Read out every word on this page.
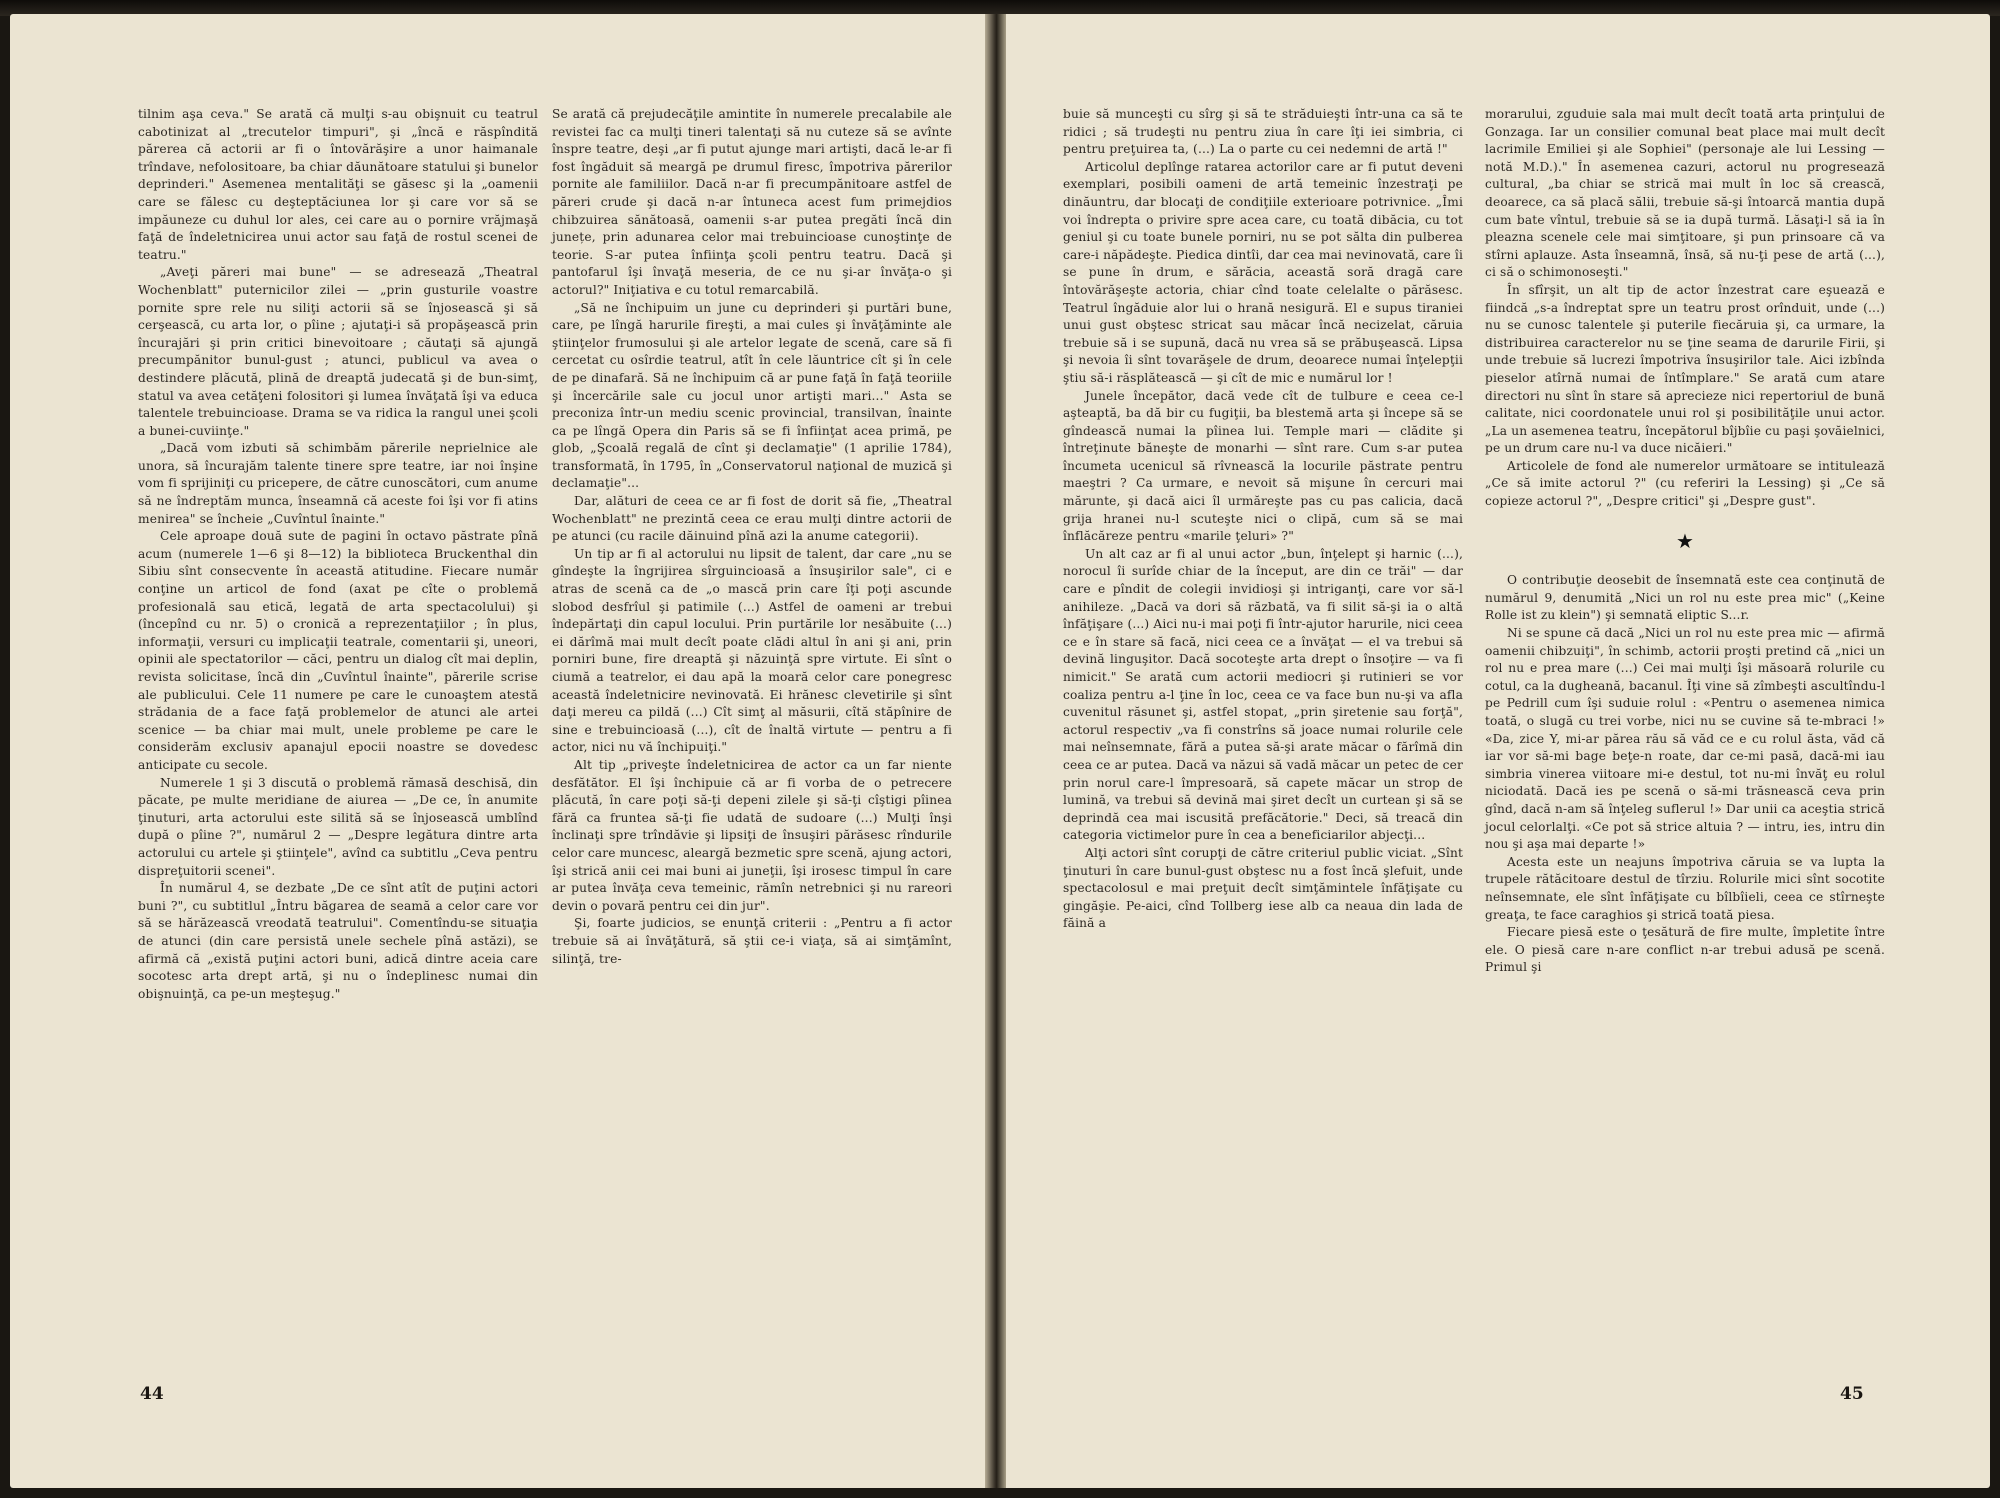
tilnim aşa ceva." Se arată că mulţi s-au obişnuit cu teatrul cabotinizat al „trecutelor timpuri", şi „încă e răspîndită părerea că actorii ar fi o întovărăşire a unor haimanale trîndave, nefolositoare, ba chiar dăunătoare statului şi bunelor deprinderi." Asemenea mentalităţi se găsesc şi la „oamenii care se fălesc cu deşteptăciunea lor şi care vor să se impăuneze cu duhul lor ales, cei care au o pornire vrăjmaşă faţă de îndeletnicirea unui actor sau faţă de rostul scenei de teatru."

„Aveţi păreri mai bune" — se adresează „Theatral Wochenblatt" puternicilor zilei — „prin gusturile voastre pornite spre rele nu siliţi actorii să se înjosească şi să cerşească, cu arta lor, o pîine ; ajutaţi-i să propăşească prin încurajări şi prin critici binevoitoare ; căutaţi să ajungă precumpănitor bunul-gust ; atunci, publicul va avea o destindere plăcută, plină de dreaptă judecată şi de bun-simţ, statul va avea cetăţeni folositori şi lumea învăţată îşi va educa talentele trebuincioase. Drama se va ridica la rangul unei şcoli a bunei-cuviinţe."

„Dacă vom izbuti să schimbăm părerile neprielnice ale unora, să încurajăm talente tinere spre teatre, iar noi înşine vom fi sprijiniţi cu pricepere, de către cunoscători, cum anume să ne îndreptăm munca, înseamnă că aceste foi îşi vor fi atins menirea" se încheie „Cuvîntul înainte."

Cele aproape două sute de pagini în octavo păstrate pînă acum (numerele 1—6 şi 8—12) la biblioteca Bruckenthal din Sibiu sînt consecvente în această atitudine. Fiecare număr conţine un articol de fond (axat pe cîte o problemă profesională sau etică, legată de arta spectacolului) şi (începînd cu nr. 5) o cronică a reprezentaţiilor ; în plus, informaţii, versuri cu implicaţii teatrale, comentarii şi, uneori, opinii ale spectatorilor — căci, pentru un dialog cît mai deplin, revista solicitase, încă din „Cuvîntul înainte", părerile scrise ale publicului. Cele 11 numere pe care le cunoaştem atestă strădania de a face faţă problemelor de atunci ale artei scenice — ba chiar mai mult, unele probleme pe care le considerăm exclusiv apanajul epocii noastre se dovedesc anticipate cu secole.

Numerele 1 şi 3 discută o problemă rămasă deschisă, din păcate, pe multe meridiane de aiurea — „De ce, în anumite ţinuturi, arta actorului este silită să se înjosească umblînd după o pîine ?", numărul 2 — „Despre legătura dintre arta actorului cu artele şi ştiinţele", avînd ca subtitlu „Ceva pentru dispreţuitorii scenei".

În numărul 4, se dezbate „De ce sînt atît de puţini actori buni ?", cu subtitlul „Întru băgarea de seamă a celor care vor să se hărăzească vreodată teatrului". Comentîndu-se situaţia de atunci (din care persistă unele sechele pînă astăzi), se afirmă că „există puţini actori buni, adică dintre aceia care socotesc arta drept artă, şi nu o îndeplinesc numai din obişnuinţă, ca pe-un meşteşug."

Se arată că prejudecăţile amintite în numerele precalabile ale revistei fac ca mulţi tineri talentaţi să nu cuteze să se avînte înspre teatre, deşi „ar fi putut ajunge mari artişti, dacă le-ar fi fost îngăduit să meargă pe drumul firesc, împotriva părerilor pornite ale familiilor. Dacă n-ar fi precumpănitoare astfel de păreri crude şi dacă n-ar întuneca acest fum primejdios chibzuirea sănătoasă, oamenii s-ar putea pregăti încă din junețe, prin adunarea celor mai trebuincioase cunoştinţe de teorie. S-ar putea înfiinţa şcoli pentru teatru. Dacă şi pantofarul îşi învaţă meseria, de ce nu şi-ar învăţa-o şi actorul?" Iniţiativa e cu totul remarcabilă.

„Să ne închipuim un june cu deprinderi şi purtări bune, care, pe lîngă harurile fireşti, a mai cules şi învăţăminte ale ştiinţelor frumosului şi ale artelor legate de scenă, care să fi cercetat cu osîrdie teatrul, atît în cele lăuntrice cît şi în cele de pe dinafară. Să ne închipuim că ar pune faţă în faţă teoriile şi încercările sale cu jocul unor artişti mari..." Asta se preconiza într-un mediu scenic provincial, transilvan, înainte ca pe lîngă Opera din Paris să se fi înfiinţat acea primă, pe glob, „Şcoală regală de cînt şi declamaţie" (1 aprilie 1784), transformată, în 1795, în „Conservatorul naţional de muzică şi declamaţie"...

Dar, alături de ceea ce ar fi fost de dorit să fie, „Theatral Wochenblatt" ne prezintă ceea ce erau mulţi dintre actorii de pe atunci (cu racile dăinuind pînă azi la anume categorii).

Un tip ar fi al actorului nu lipsit de talent, dar care „nu se gîndeşte la îngrijirea sîrguincioasă a însuşirilor sale", ci e atras de scenă ca de „o mască prin care îţi poţi ascunde slobod desfrîul şi patimile (...) Astfel de oameni ar trebui îndepărtaţi din capul locului. Prin purtările lor nesăbuite (...) ei dărîmă mai mult decît poate clădi altul în ani şi ani, prin porniri bune, fire dreaptă şi năzuinţă spre virtute. Ei sînt o ciumă a teatrelor, ei dau apă la moară celor care ponegresc această îndeletnicire nevinovată. Ei hrănesc clevetirile şi sînt daţi mereu ca pildă (...) Cît simţ al măsurii, cîtă stăpînire de sine e trebuincioasă (...), cît de înaltă virtute — pentru a fi actor, nici nu vă închipuiţi."

Alt tip „priveşte îndeletnicirea de actor ca un far niente desfătător. El îşi închipuie că ar fi vorba de o petrecere plăcută, în care poţi să-ţi depeni zilele şi să-ţi cîştigi pîinea fără ca fruntea să-ţi fie udată de sudoare (...) Mulţi înşi înclinaţi spre trîndăvie şi lipsiţi de însuşiri părăsesc rîndurile celor care muncesc, aleargă bezmetic spre scenă, ajung actori, îşi strică anii cei mai buni ai juneţii, îşi irosesc timpul în care ar putea învăţa ceva temeinic, rămîn netrebnici şi nu rareori devin o povară pentru cei din jur".

Şi, foarte judicios, se enunţă criterii : „Pentru a fi actor trebuie să ai învăţătură, să ştii ce-i viaţa, să ai simţămînt, silinţă, tre-

44

buie să munceşti cu sîrg şi să te străduieşti într-una ca să te ridici ; să trudeşti nu pentru ziua în care îţi iei simbria, ci pentru preţuirea ta, (...) La o parte cu cei nedemni de artă !"

Articolul deplînge ratarea actorilor care ar fi putut deveni exemplari, posibili oameni de artă temeinic înzestraţi pe dinăuntru, dar blocaţi de condiţiile exterioare potrivnice. „Îmi voi îndrepta o privire spre acea care, cu toată dibăcia, cu tot geniul şi cu toate bunele porniri, nu se pot sălta din pulberea care-i năpădeşte. Piedica dintîi, dar cea mai nevinovată, care îi se pune în drum, e sărăcia, această soră dragă care întovărăşeşte actoria, chiar cînd toate celelalte o părăsesc. Teatrul îngăduie alor lui o hrană nesigură. El e supus tiraniei unui gust obştesc stricat sau măcar încă necizelat, căruia trebuie să i se supună, dacă nu vrea să se prăbuşească. Lipsa şi nevoia îi sînt tovarăşele de drum, deoarece numai înţelepţii ştiu să-i răsplătească — şi cît de mic e numărul lor !

Junele începător, dacă vede cît de tulbure e ceea ce-l aşteaptă, ba dă bir cu fugiţii, ba blestemă arta şi începe să se gîndească numai la pîinea lui. Temple mari — clădite şi întreţinute băneşte de monarhi — sînt rare. Cum s-ar putea încumeta ucenicul să rîvnească la locurile păstrate pentru maeştri ? Ca urmare, e nevoit să mişune în cercuri mai mărunte, şi dacă aici îl urmăreşte pas cu pas calicia, dacă grija hranei nu-l scuteşte nici o clipă, cum să se mai înflăcăreze pentru «marile ţeluri» ?"

Un alt caz ar fi al unui actor „bun, înţelept şi harnic (...), norocul îi surîde chiar de la început, are din ce trăi" — dar care e pîndit de colegii invidioşi şi intriganţi, care vor să-l anihileze. „Dacă va dori să răzbată, va fi silit să-şi ia o altă înfăţişare (...) Aici nu-i mai poţi fi într-ajutor harurile, nici ceea ce e în stare să facă, nici ceea ce a învăţat — el va trebui să devină linguşitor. Dacă socoteşte arta drept o însoţire — va fi nimicit." Se arată cum actorii mediocri şi rutinieri se vor coaliza pentru a-l ţine în loc, ceea ce va face bun nu-şi va afla cuvenitul răsunet şi, astfel stopat, „prin şiretenie sau forţă", actorul respectiv „va fi constrîns să joace numai rolurile cele mai neînsemnate, fără a putea să-şi arate măcar o fărîmă din ceea ce ar putea. Dacă va năzui să vadă măcar un petec de cer prin norul care-l împresoară, să capete măcar un strop de lumină, va trebui să devină mai şiret decît un curtean şi să se deprindă cea mai iscusită prefăcătorie." Deci, să treacă din categoria victimelor pure în cea a beneficiarilor abjecţi...

Alţi actori sînt corupţi de către criteriul public viciat. „Sînt ţinuturi în care bunul-gust obştesc nu a fost încă şlefuit, unde spectacolosul e mai preţuit decît simţămintele înfăţişate cu gingăşie. Pe-aici, cînd Tollberg iese alb ca neaua din lada de făină a

morarului, zguduie sala mai mult decît toată arta prinţului de Gonzaga. Iar un consilier comunal beat place mai mult decît lacrimile Emiliei şi ale Sophiei" (personaje ale lui Lessing — notă M.D.)." În asemenea cazuri, actorul nu progresează cultural, „ba chiar se strică mai mult în loc să crească, deoarece, ca să placă sălii, trebuie să-şi întoarcă mantia după cum bate vîntul, trebuie să se ia după turmă. Lăsaţi-l să ia în pleazna scenele cele mai simţitoare, şi pun prinsoare că va stîrni aplauze. Asta înseamnă, însă, să nu-ţi pese de artă (...), ci să o schimonoseşti."

În sfîrşit, un alt tip de actor înzestrat care eşuează e fiindcă „s-a îndreptat spre un teatru prost orînduit, unde (...) nu se cunosc talentele şi puterile fiecăruia şi, ca urmare, la distribuirea caracterelor nu se ţine seama de darurile Firii, şi unde trebuie să lucrezi împotriva însuşirilor tale. Aici izbînda pieselor atîrnă numai de întîmplare." Se arată cum atare directori nu sînt în stare să aprecieze nici repertoriul de bună calitate, nici coordonatele unui rol şi posibilităţile unui actor. „La un asemenea teatru, începătorul bîjbîie cu paşi şovăielnici, pe un drum care nu-l va duce nicăieri."

Articolele de fond ale numerelor următoare se intitulează „Ce să imite actorul ?" (cu referiri la Lessing) şi „Ce să copieze actorul ?", „Despre critici" şi „Despre gust".

★

O contribuţie deosebit de însemnată este cea conţinută de numărul 9, denumită „Nici un rol nu este prea mic" („Keine Rolle ist zu klein") şi semnată eliptic S...r.

Ni se spune că dacă „Nici un rol nu este prea mic — afirmă oamenii chibzuiţi", în schimb, actorii proşti pretind că „nici un rol nu e prea mare (...) Cei mai mulţi îşi măsoară rolurile cu cotul, ca la dugheană, bacanul. Îţi vine să zîmbeşti ascultîndu-l pe Pedrill cum îşi suduie rolul : «Pentru o asemenea nimica toată, o slugă cu trei vorbe, nici nu se cuvine să te-mbraci !» «Da, zice Y, mi-ar părea rău să văd ce e cu rolul ăsta, văd că iar vor să-mi bage beţe-n roate, dar ce-mi pasă, dacă-mi iau simbria vinerea viitoare mi-e destul, tot nu-mi învăţ eu rolul niciodată. Dacă ies pe scenă o să-mi trăsnească ceva prin gînd, dacă n-am să înţeleg suflerul !» Dar unii ca aceştia strică jocul celorlalţi. «Ce pot să strice altuia ? — intru, ies, intru din nou şi aşa mai departe !»

Acesta este un neajuns împotriva căruia se va lupta la trupele rătăcitoare destul de tîrziu. Rolurile mici sînt socotite neînsemnate, ele sînt înfăţişate cu bîlbîieli, ceea ce stîrneşte greaţa, te face caraghios şi strică toată piesa.

Fiecare piesă este o ţesătură de fire multe, împletite între ele. O piesă care n-are conflict n-ar trebui adusă pe scenă. Primul şi

45
